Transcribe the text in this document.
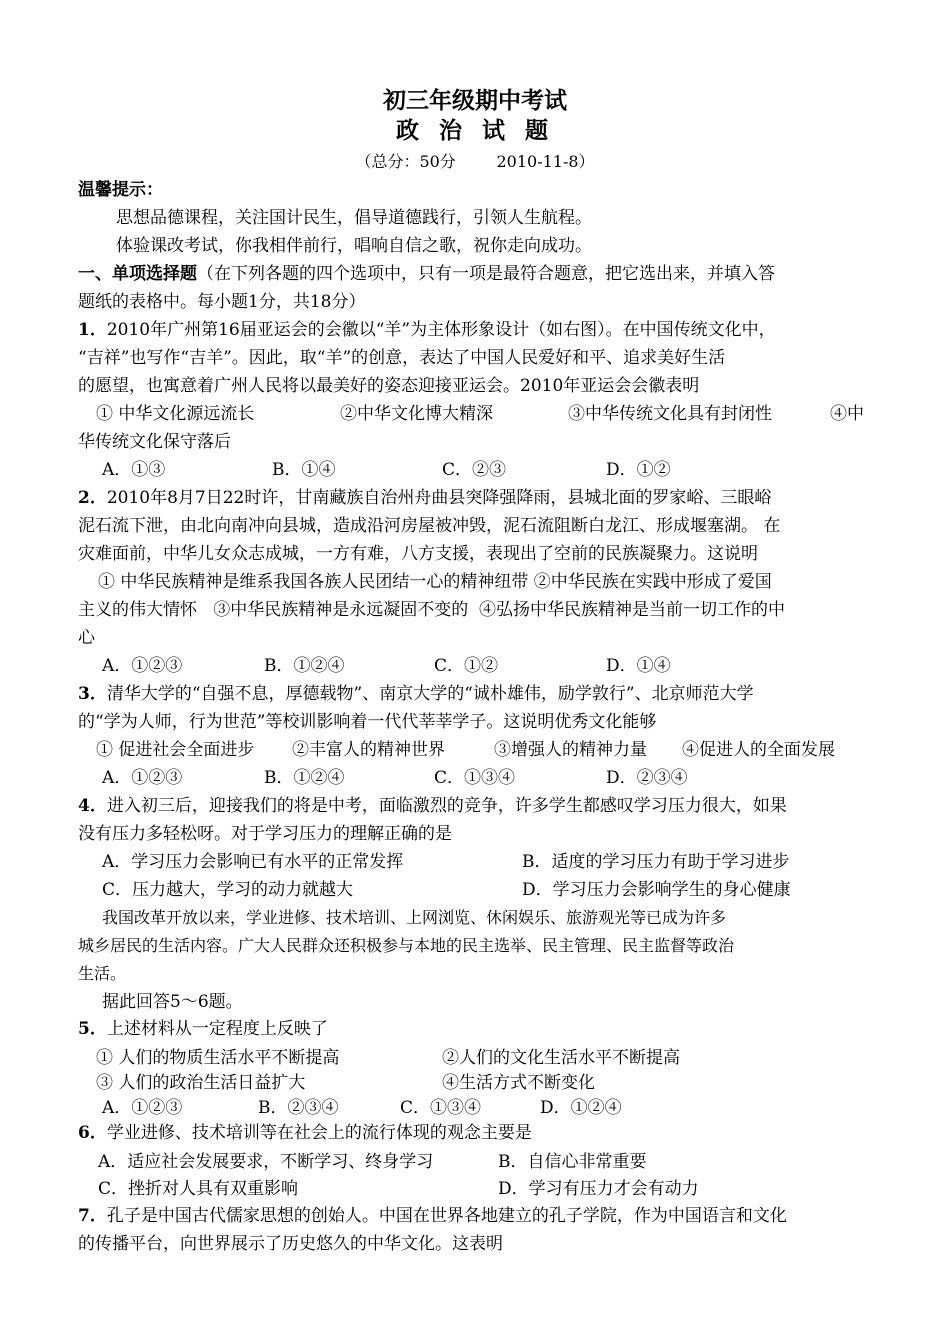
初三年级期中考试
政 治 试 题
（总分：50分        2010-11-8）
温馨提示：
思想品德课程，关注国计民生，倡导道德践行，引领人生航程。
体验课改考试，你我相伴前行，唱响自信之歌，祝你走向成功。
一、单项选择题（在下列各题的四个选项中，只有一项是最符合题意，把它选出来，并填入答
题纸的表格中。每小题1分，共18分）
1．2010年广州第16届亚运会的会徽以“羊”为主体形象设计（如右图）。在中国传统文化中，
“吉祥”也写作“吉羊”。因此，取“羊”的创意，表达了中国人民爱好和平、追求美好生活
的愿望，也寓意着广州人民将以最美好的姿态迎接亚运会。2010年亚运会会徽表明
① 中华文化源远流长	②中华文化博大精深	③中华传统文化具有封闭性	④中
华传统文化保守落后
A．①③	B．①④	C．②③	D．①②
2．2010年8月7日22时许，甘南藏族自治州舟曲县突降强降雨，县城北面的罗家峪、三眼峪
泥石流下泄，由北向南冲向县城，造成沿河房屋被冲毁，泥石流阻断白龙江、形成堰塞湖。 在
灾难面前，中华儿女众志成城，一方有难，八方支援，表现出了空前的民族凝聚力。这说明
① 中华民族精神是维系我国各族人民团结一心的精神纽带 ②中华民族在实践中形成了爱国
主义的伟大情怀   ③中华民族精神是永远凝固不变的  ④弘扬中华民族精神是当前一切工作的中
心
A．①②③	B．①②④	C．①②	D．①④
3．清华大学的“自强不息，厚德载物”、南京大学的“诚朴雄伟，励学敦行”、北京师范大学
的“学为人师，行为世范”等校训影响着一代代莘莘学子。这说明优秀文化能够
① 促进社会全面进步 ②丰富人的精神世界	③增强人的精神力量 ④促进人的全面发展
A．①②③	B．①②④	C．①③④	D．②③④
4．进入初三后，迎接我们的将是中考，面临激烈的竞争，许多学生都感叹学习压力很大，如果
没有压力多轻松呀。对于学习压力的理解正确的是
A．学习压力会影响已有水平的正常发挥	B．适度的学习压力有助于学习进步
C．压力越大，学习的动力就越大	D．学习压力会影响学生的身心健康
我国改革开放以来，学业进修、技术培训、上网浏览、休闲娱乐、旅游观光等已成为许多
城乡居民的生活内容。广大人民群众还积极参与本地的民主选举、民主管理、民主监督等政治
生活。
据此回答5～6题。
5．上述材料从一定程度上反映了
① 人们的物质生活水平不断提高	②人们的文化生活水平不断提高
③ 人们的政治生活日益扩大	④生活方式不断变化
A．①②③	B．②③④	C．①③④	D．①②④
6．学业进修、技术培训等在社会上的流行体现的观念主要是
A．适应社会发展要求，不断学习、终身学习	B．自信心非常重要
C．挫折对人具有双重影响	D．学习有压力才会有动力
7．孔子是中国古代儒家思想的创始人。中国在世界各地建立的孔子学院，作为中国语言和文化
的传播平台，向世界展示了历史悠久的中华文化。这表明
